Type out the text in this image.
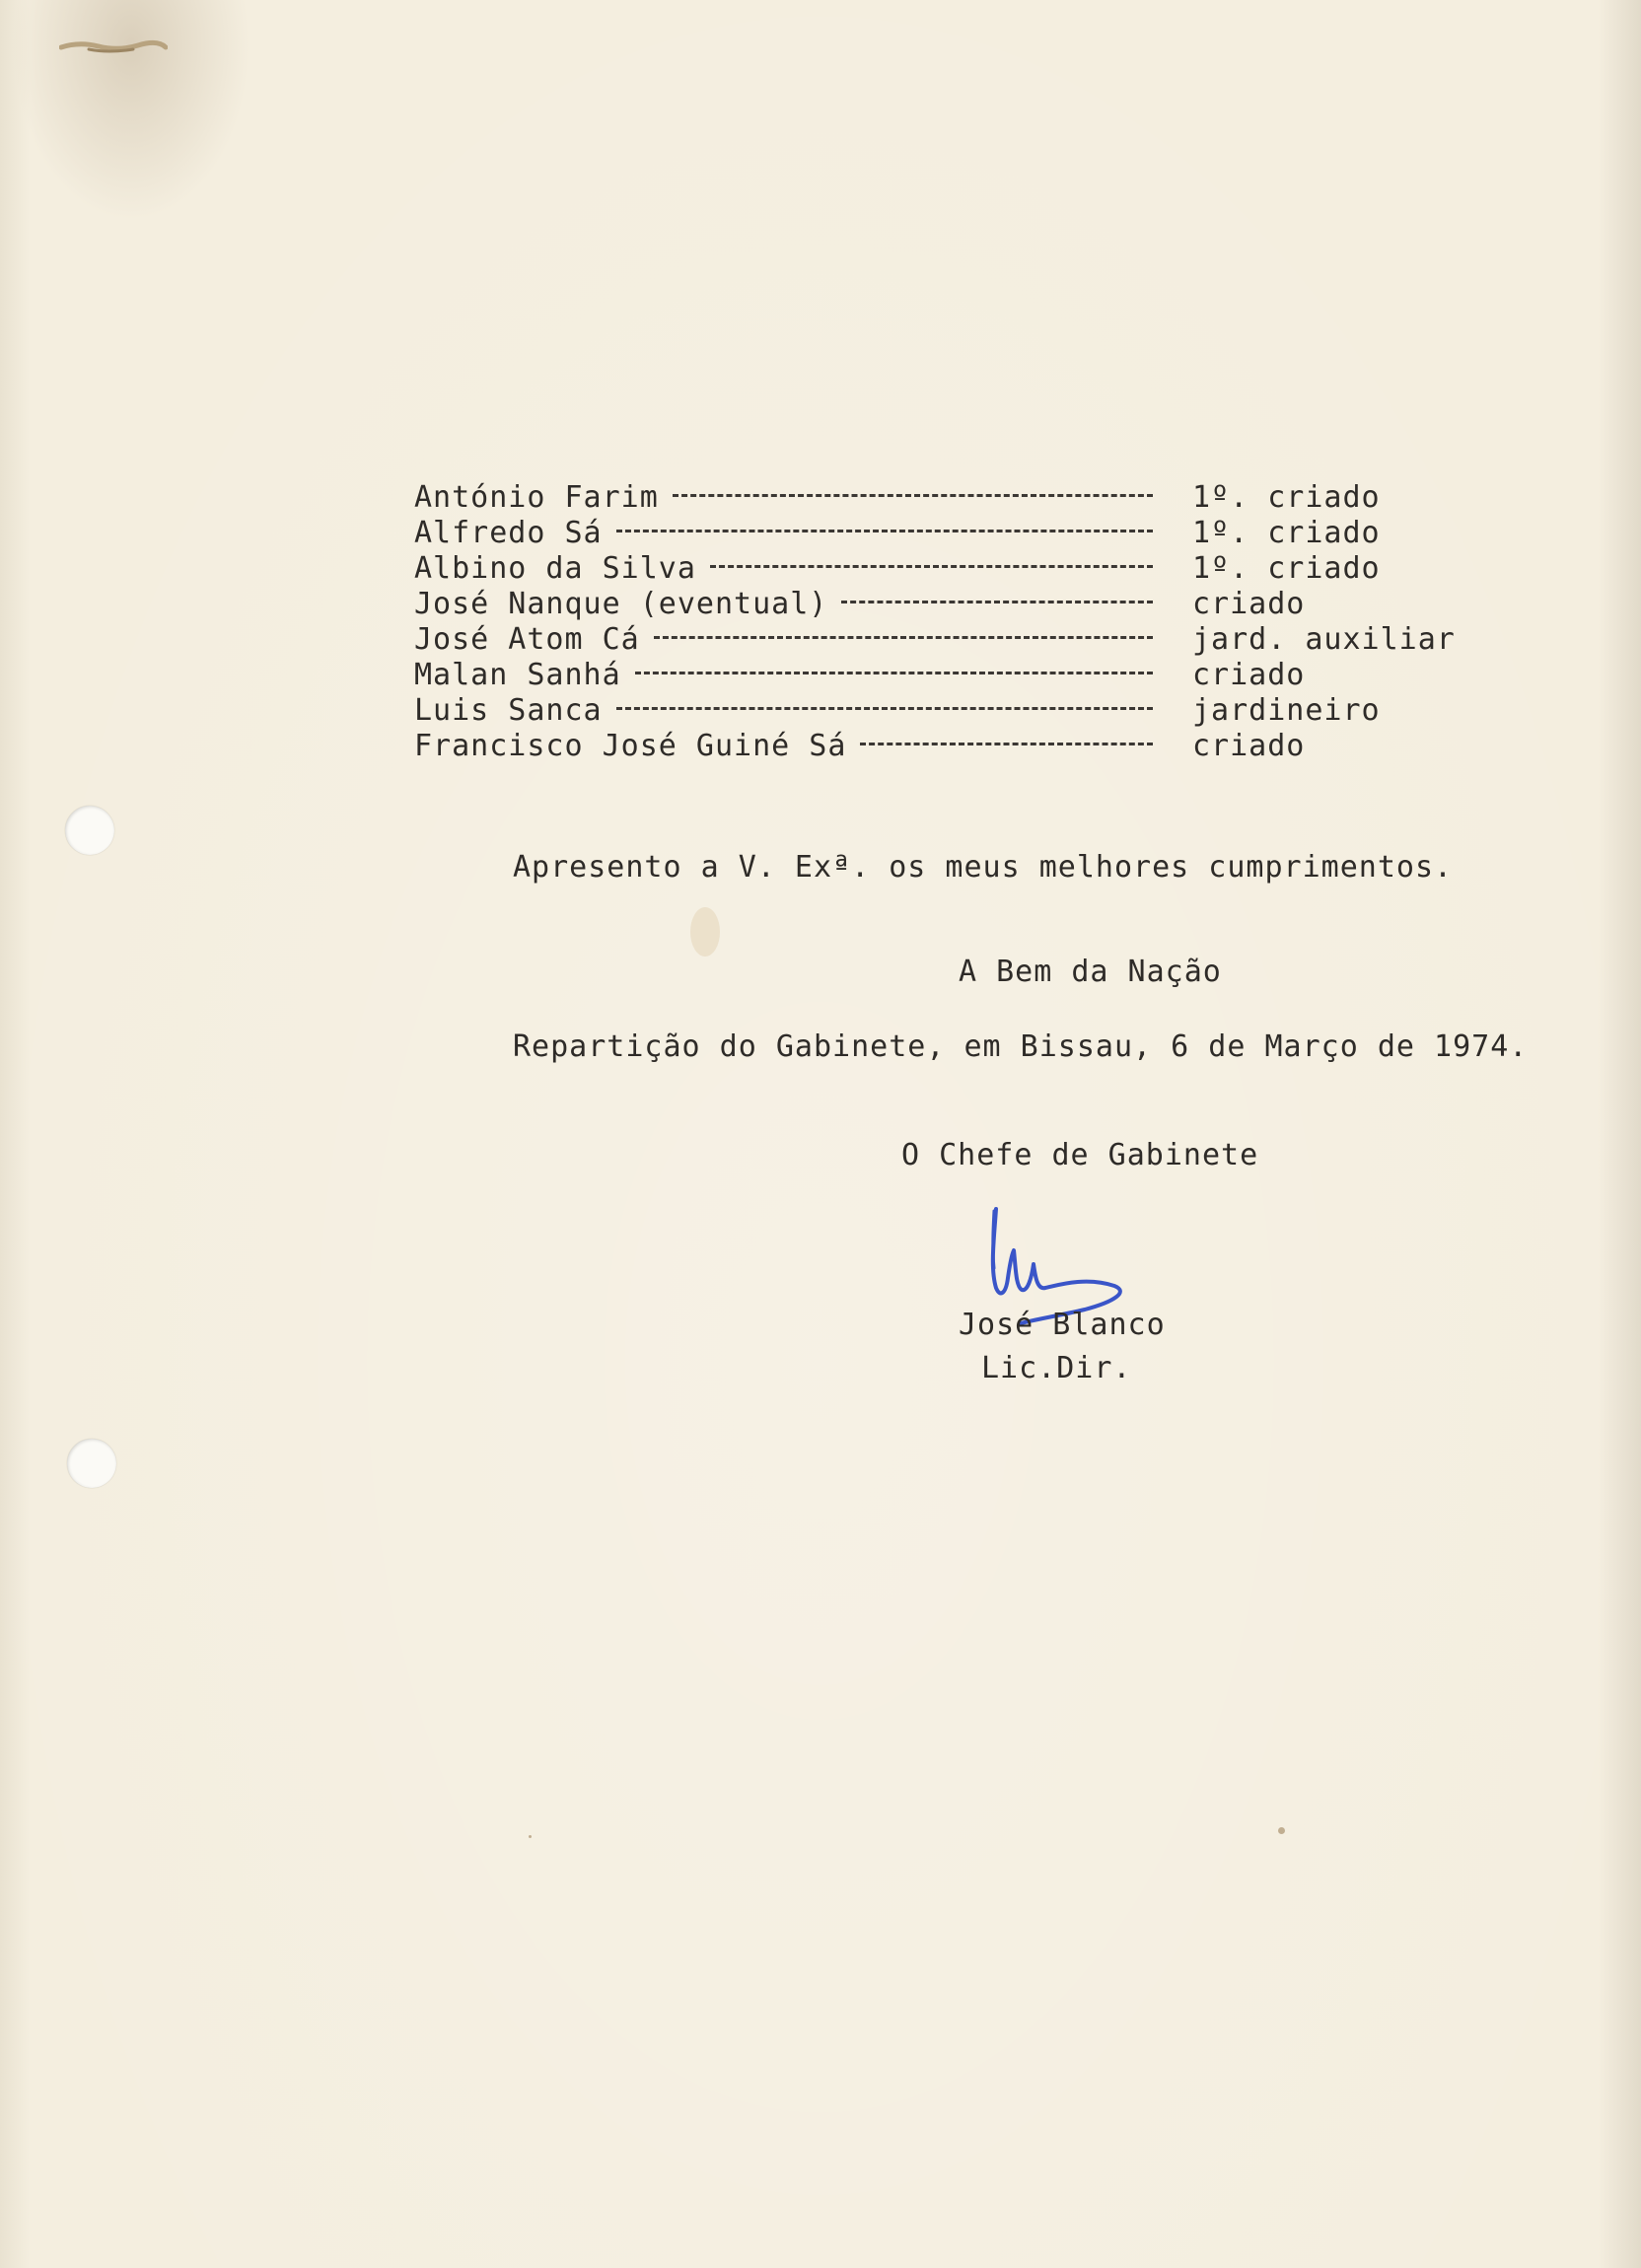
António Farim	1º. criado
Alfredo Sá	1º. criado
Albino da Silva	1º. criado
José Nanque (eventual)	criado
José Atom Cá	jard. auxiliar
Malan Sanhá	criado
Luis Sanca	jardineiro
Francisco José Guiné Sá	criado
Apresento a V. Exª. os meus melhores cumprimentos.
A Bem da Nação
Repartição do Gabinete, em Bissau, 6 de Março de 1974.
O Chefe de Gabinete
José Blanco
Lic.Dir.
